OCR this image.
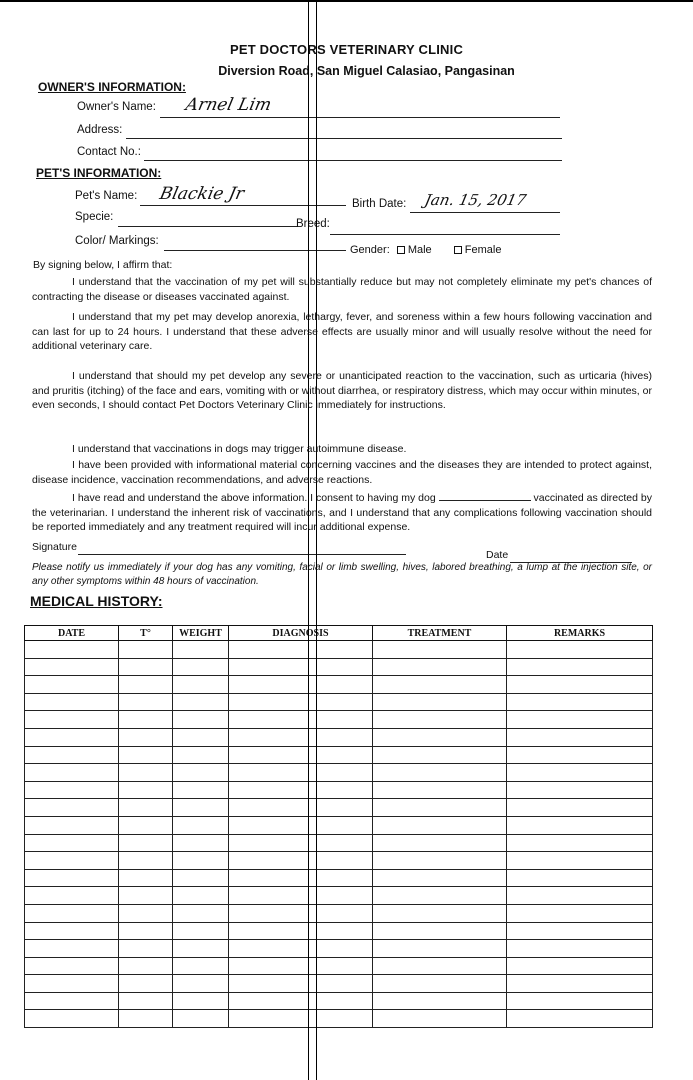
PET DOCTORS VETERINARY CLINIC
Diversion Road, San Miguel Calasiao, Pangasinan
OWNER'S INFORMATION:
Owner's Name: Arnel Lim
Address:
Contact No.:
PET'S INFORMATION:
Pet's Name: Blackie Jr	Birth Date: Jan. 15, 2017
Specie:
Breed:
Color/ Markings:
Gender: Male	Female
By signing below, I affirm that:
I understand that the vaccination of my pet will substantially reduce but may not completely eliminate my pet's chances of contracting the disease or diseases vaccinated against.
I understand that my pet may develop anorexia, lethargy, fever, and soreness within a few hours following vaccination and can last for up to 24 hours. I understand that these adverse effects are usually minor and will usually resolve without the need for additional veterinary care.
I understand that should my pet develop any severe or unanticipated reaction to the vaccination, such as urticaria (hives) and pruritis (itching) of the face and ears, vomiting with or without diarrhea, or respiratory distress, which may occur within minutes, or even seconds, I should contact Pet Doctors Veterinary Clinic immediately for instructions.
I understand that vaccinations in dogs may trigger autoimmune disease.
I have been provided with informational material concerning vaccines and the diseases they are intended to protect against, disease incidence, vaccination recommendations, and adverse reactions.
I have read and understand the above information. I consent to having my dog	vaccinated as directed by the veterinarian. I understand the inherent risk of vaccinations, and I understand that any complications following vaccination should be reported immediately and any treatment required will incur additional expense.
Signature
Date
Please notify us immediately if your dog has any vomiting, facial or limb swelling, hives, labored breathing, a lump at the injection site, or any other symptoms within 48 hours of vaccination.
MEDICAL HISTORY:
DATE	T°	WEIGHT	DIAGNOSIS	TREATMENT	REMARKS
